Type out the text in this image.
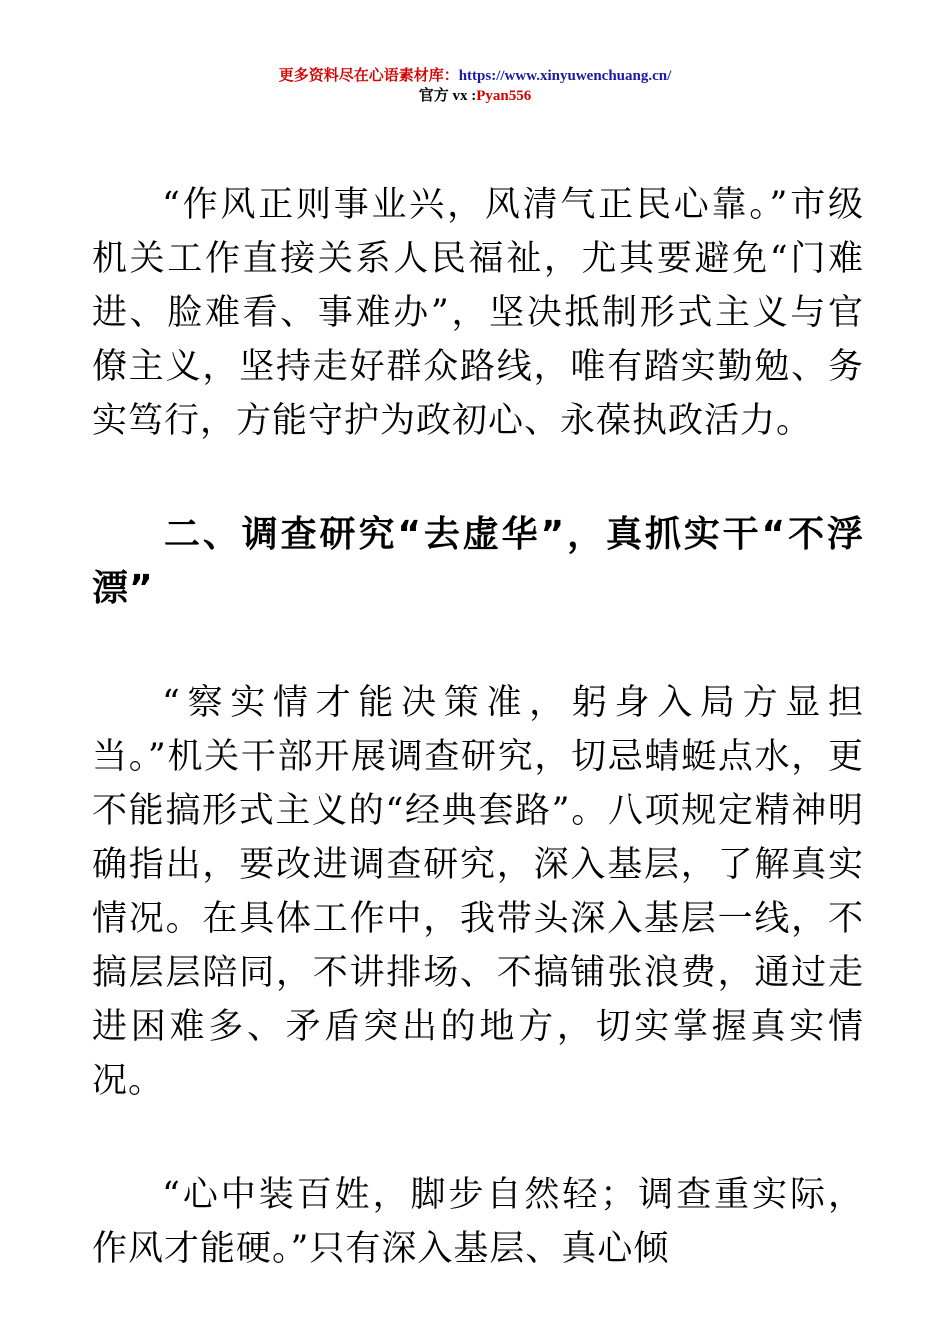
更多资料尽在心语素材库：https://www.xinyuwenchuang.cn/
官方 vx :Pyan556

“作风正则事业兴，风清气正民心靠。”市级机关工作直接关系人民福祉，尤其要避免“门难进、脸难看、事难办”，坚决抵制形式主义与官僚主义，坚持走好群众路线，唯有踏实勤勉、务实笃行，方能守护为政初心、永葆执政活力。

二、调查研究“去虚华”，真抓实干“不浮漂”

“察实情才能决策准，躬身入局方显担当。”机关干部开展调查研究，切忌蜻蜓点水，更不能搞形式主义的“经典套路”。八项规定精神明确指出，要改进调查研究，深入基层，了解真实情况。在具体工作中，我带头深入基层一线，不搞层层陪同，不讲排场、不搞铺张浪费，通过走进困难多、矛盾突出的地方，切实掌握真实情况。

“心中装百姓，脚步自然轻；调查重实际，作风才能硬。”只有深入基层、真心倾
